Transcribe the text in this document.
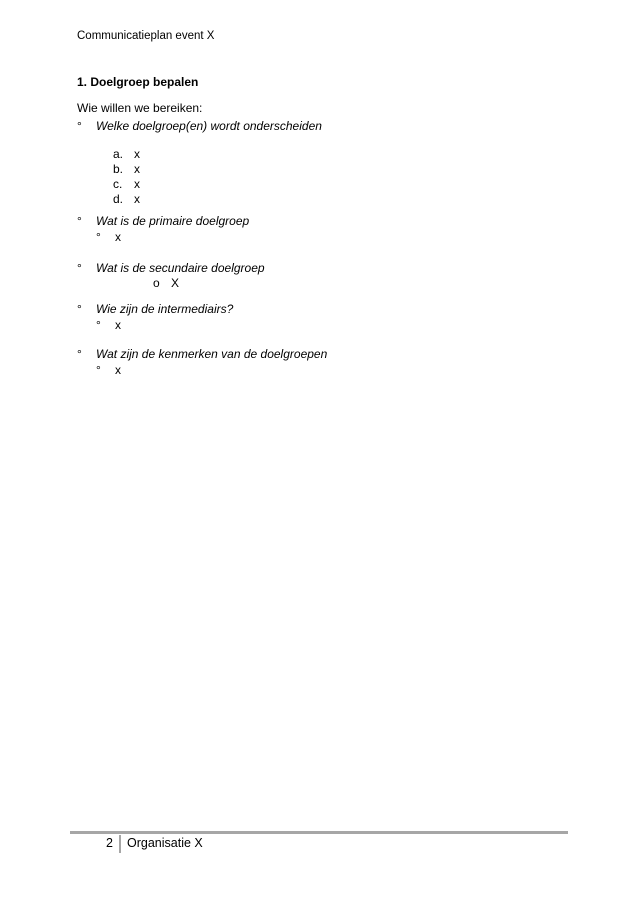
Communicatieplan event X
1. Doelgroep bepalen
Wie willen we bereiken:
° Welke doelgroep(en) wordt onderscheiden
a. x
b. x
c. x
d. x
° Wat is de primaire doelgroep
° x
° Wat is de secundaire doelgroep
o X
° Wie zijn de intermediairs?
° x
° Wat zijn de kenmerken van de doelgroepen
° x
2 Organisatie X
